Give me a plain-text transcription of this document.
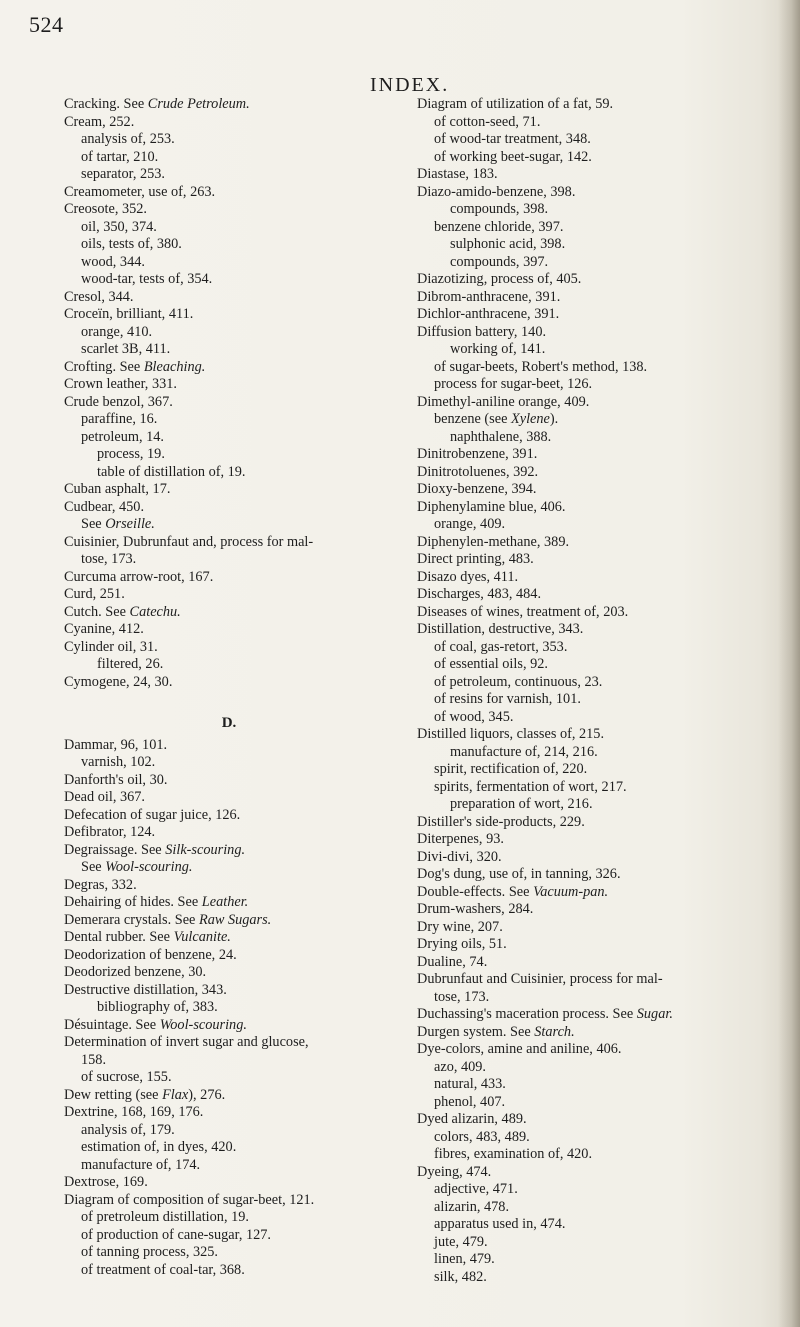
524
INDEX.
Cracking. See Crude Petroleum.
Cream, 252.
analysis of, 253.
of tartar, 210.
separator, 253.
Creamometer, use of, 263.
Creosote, 352.
oil, 350, 374.
oils, tests of, 380.
wood, 344.
wood-tar, tests of, 354.
Cresol, 344.
Croceïn, brilliant, 411.
orange, 410.
scarlet 3B, 411.
Crofting. See Bleaching.
Crown leather, 331.
Crude benzol, 367.
paraffine, 16.
petroleum, 14.
process, 19.
table of distillation of, 19.
Cuban asphalt, 17.
Cudbear, 450.
See Orseille.
Cuisinier, Dubrunfaut and, process for mal-
tose, 173.
Curcuma arrow-root, 167.
Curd, 251.
Cutch. See Catechu.
Cyanine, 412.
Cylinder oil, 31.
filtered, 26.
Cymogene, 24, 30.
D.
Dammar, 96, 101.
varnish, 102.
Danforth's oil, 30.
Dead oil, 367.
Defecation of sugar juice, 126.
Defibrator, 124.
Degraissage. See Silk-scouring.
See Wool-scouring.
Degras, 332.
Dehairing of hides. See Leather.
Demerara crystals. See Raw Sugars.
Dental rubber. See Vulcanite.
Deodorization of benzene, 24.
Deodorized benzene, 30.
Destructive distillation, 343.
bibliography of, 383.
Désuintage. See Wool-scouring.
Determination of invert sugar and glucose,
158.
of sucrose, 155.
Dew retting (see Flax), 276.
Dextrine, 168, 169, 176.
analysis of, 179.
estimation of, in dyes, 420.
manufacture of, 174.
Dextrose, 169.
Diagram of composition of sugar-beet, 121.
of pretroleum distillation, 19.
of production of cane-sugar, 127.
of tanning process, 325.
of treatment of coal-tar, 368.
Diagram of utilization of a fat, 59.
of cotton-seed, 71.
of wood-tar treatment, 348.
of working beet-sugar, 142.
Diastase, 183.
Diazo-amido-benzene, 398.
compounds, 398.
benzene chloride, 397.
sulphonic acid, 398.
compounds, 397.
Diazotizing, process of, 405.
Dibrom-anthracene, 391.
Dichlor-anthracene, 391.
Diffusion battery, 140.
working of, 141.
of sugar-beets, Robert's method, 138.
process for sugar-beet, 126.
Dimethyl-aniline orange, 409.
benzene (see Xylene).
naphthalene, 388.
Dinitrobenzene, 391.
Dinitrotoluenes, 392.
Dioxy-benzene, 394.
Diphenylamine blue, 406.
orange, 409.
Diphenylen-methane, 389.
Direct printing, 483.
Disazo dyes, 411.
Discharges, 483, 484.
Diseases of wines, treatment of, 203.
Distillation, destructive, 343.
of coal, gas-retort, 353.
of essential oils, 92.
of petroleum, continuous, 23.
of resins for varnish, 101.
of wood, 345.
Distilled liquors, classes of, 215.
manufacture of, 214, 216.
spirit, rectification of, 220.
spirits, fermentation of wort, 217.
preparation of wort, 216.
Distiller's side-products, 229.
Diterpenes, 93.
Divi-divi, 320.
Dog's dung, use of, in tanning, 326.
Double-effects. See Vacuum-pan.
Drum-washers, 284.
Dry wine, 207.
Drying oils, 51.
Dualine, 74.
Dubrunfaut and Cuisinier, process for mal-
tose, 173.
Duchassing's maceration process. See Sugar.
Durgen system. See Starch.
Dye-colors, amine and aniline, 406.
azo, 409.
natural, 433.
phenol, 407.
Dyed alizarin, 489.
colors, 483, 489.
fibres, examination of, 420.
Dyeing, 474.
adjective, 471.
alizarin, 478.
apparatus used in, 474.
jute, 479.
linen, 479.
silk, 482.
